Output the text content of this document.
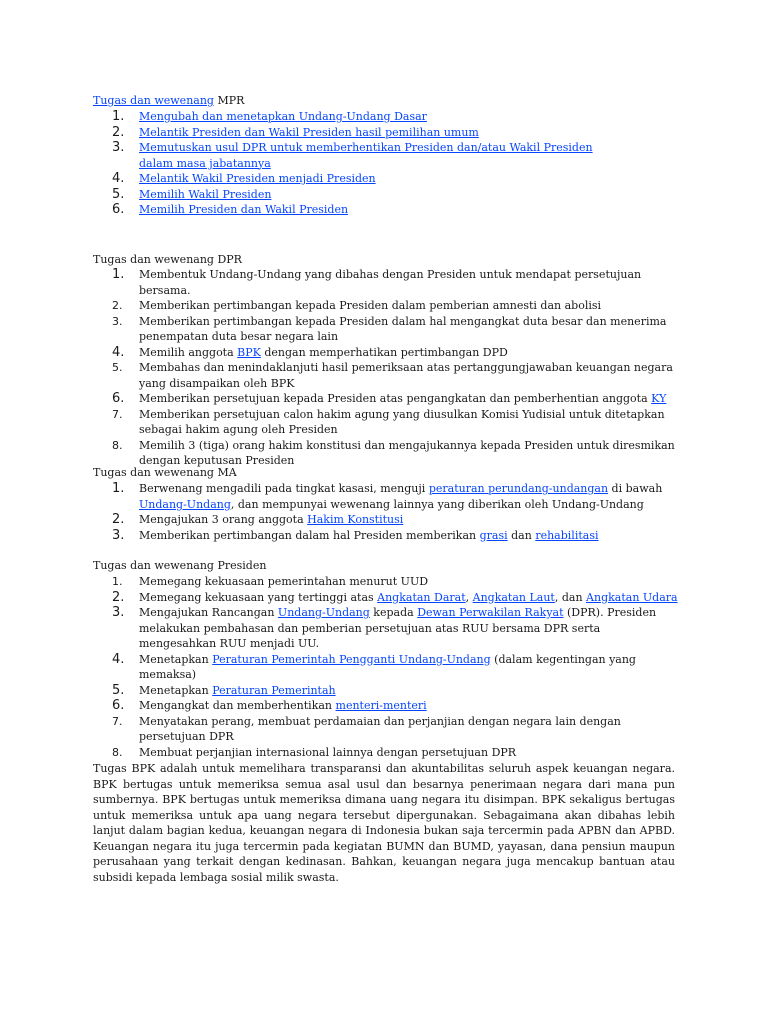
Tugas dan wewenang MPR

1.	Mengubah dan menetapkan Undang-Undang Dasar
2.	Melantik Presiden dan Wakil Presiden hasil pemilihan umum
3.	Memutuskan usul DPR untuk memberhentikan Presiden dan/atau Wakil Presiden dalam masa jabatannya
4.	Melantik Wakil Presiden menjadi Presiden
5.	Memilih Wakil Presiden
6.	Memilih Presiden dan Wakil Presiden

Tugas dan wewenang DPR

1.	Membentuk Undang-Undang yang dibahas dengan Presiden untuk mendapat persetujuan bersama.
2.	Memberikan pertimbangan kepada Presiden dalam pemberian amnesti dan abolisi
3.	Memberikan pertimbangan kepada Presiden dalam hal mengangkat duta besar dan menerima penempatan duta besar negara lain
4.	Memilih anggota BPK dengan memperhatikan pertimbangan DPD
5.	Membahas dan menindaklanjuti hasil pemeriksaan atas pertanggungjawaban keuangan negara yang disampaikan oleh BPK
6.	Memberikan persetujuan kepada Presiden atas pengangkatan dan pemberhentian anggota KY
7.	Memberikan persetujuan calon hakim agung yang diusulkan Komisi Yudisial untuk ditetapkan sebagai hakim agung oleh Presiden
8.	Memilih 3 (tiga) orang hakim konstitusi dan mengajukannya kepada Presiden untuk diresmikan dengan keputusan Presiden

Tugas dan wewenang MA

1.	Berwenang mengadili pada tingkat kasasi, menguji peraturan perundang-undangan di bawah Undang-Undang, dan mempunyai wewenang lainnya yang diberikan oleh Undang-Undang
2.	Mengajukan 3 orang anggota Hakim Konstitusi
3.	Memberikan pertimbangan dalam hal Presiden memberikan grasi dan rehabilitasi

Tugas dan wewenang Presiden

1.	Memegang kekuasaan pemerintahan menurut UUD
2.	Memegang kekuasaan yang tertinggi atas Angkatan Darat, Angkatan Laut, dan Angkatan Udara
3.	Mengajukan Rancangan Undang-Undang kepada Dewan Perwakilan Rakyat (DPR). Presiden melakukan pembahasan dan pemberian persetujuan atas RUU bersama DPR serta mengesahkan RUU menjadi UU.
4.	Menetapkan Peraturan Pemerintah Pengganti Undang-Undang (dalam kegentingan yang memaksa)
5.	Menetapkan Peraturan Pemerintah
6.	Mengangkat dan memberhentikan menteri-menteri
7.	Menyatakan perang, membuat perdamaian dan perjanjian dengan negara lain dengan persetujuan DPR
8.	Membuat perjanjian internasional lainnya dengan persetujuan DPR

Tugas BPK adalah untuk memelihara transparansi dan akuntabilitas seluruh aspek keuangan negara. BPK bertugas untuk memeriksa semua asal usul dan besarnya penerimaan negara dari mana pun sumbernya. BPK bertugas untuk memeriksa dimana uang negara itu disimpan. BPK sekaligus bertugas untuk memeriksa untuk apa uang negara tersebut dipergunakan. Sebagaimana akan dibahas lebih lanjut dalam bagian kedua, keuangan negara di Indonesia bukan saja tercermin pada APBN dan APBD. Keuangan negara itu juga tercermin pada kegiatan BUMN dan BUMD, yayasan, dana pensiun maupun perusahaan yang terkait dengan kedinasan. Bahkan, keuangan negara juga mencakup bantuan atau subsidi kepada lembaga sosial milik swasta.
